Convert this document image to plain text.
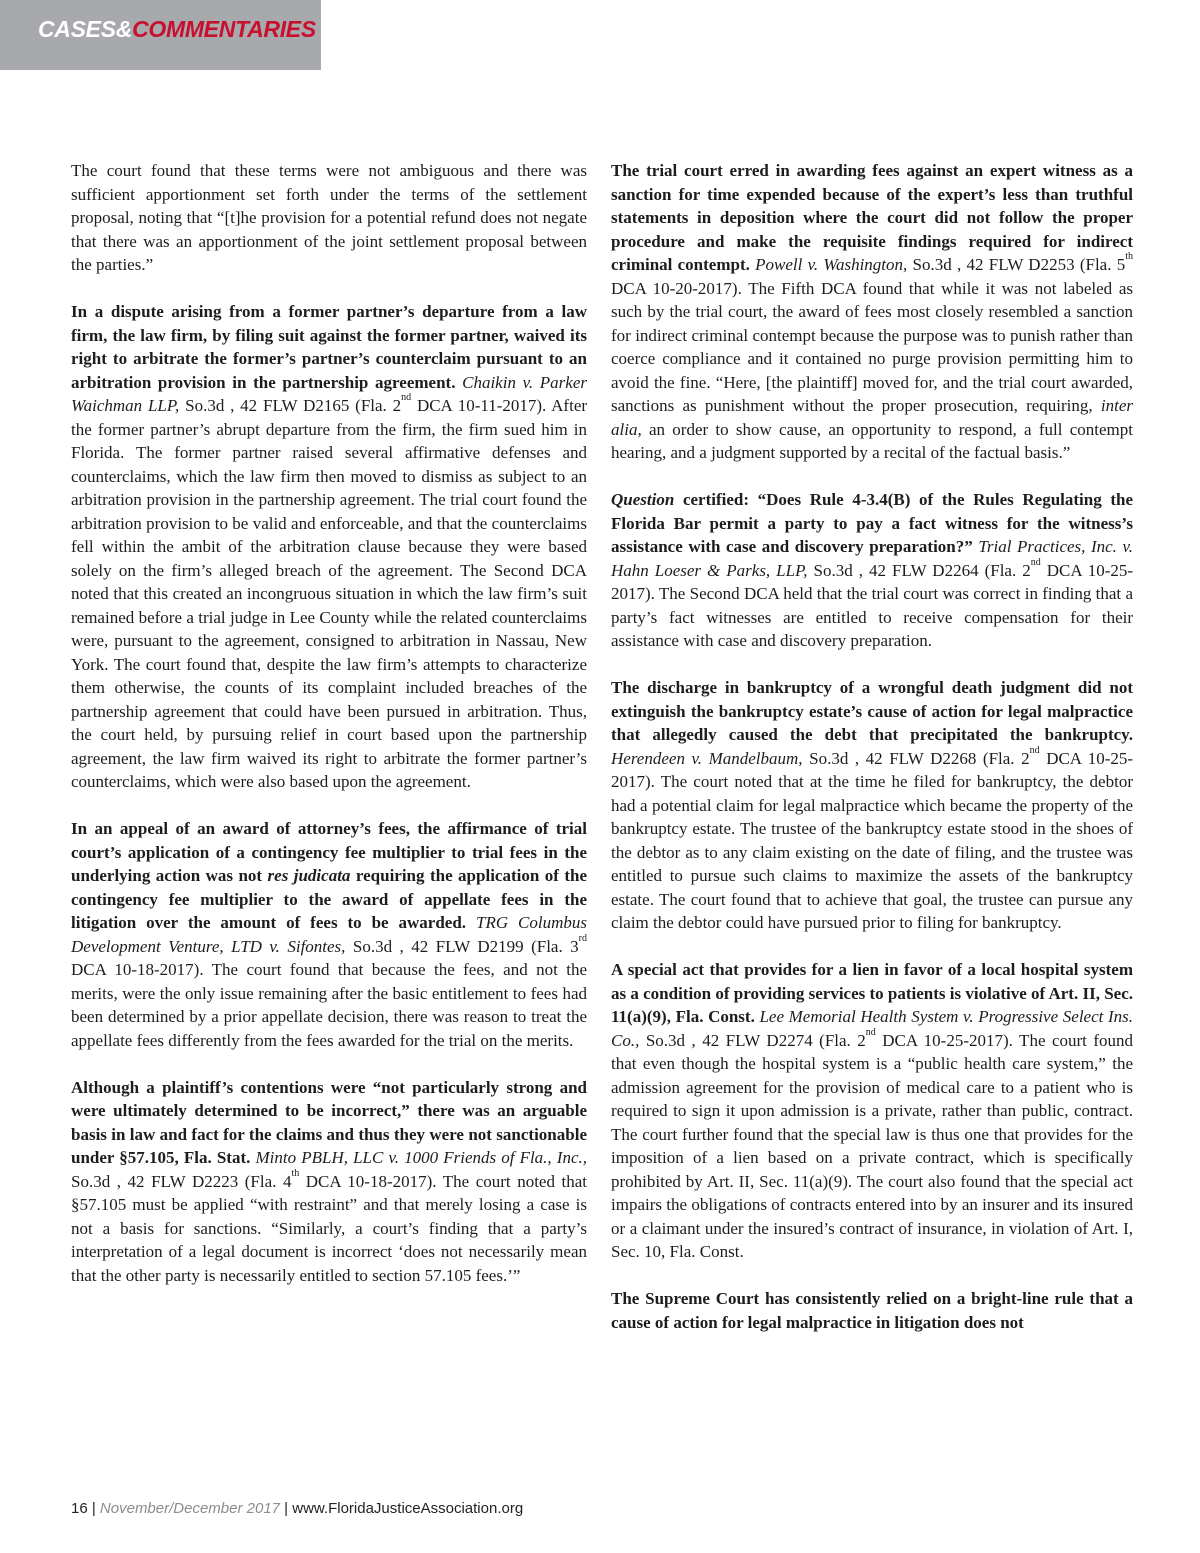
CASES&COMMENTARIES

The court found that these terms were not ambiguous and there was sufficient apportionment set forth under the terms of the settlement proposal, noting that “[t]he provision for a potential refund does not negate that there was an apportionment of the joint settlement proposal between the parties.”

In a dispute arising from a former partner’s departure from a law firm, the law firm, by filing suit against the former partner, waived its right to arbitrate the former’s partner’s counterclaim pursuant to an arbitration provision in the partnership agreement. Chaikin v. Parker Waichman LLP, So.3d , 42 FLW D2165 (Fla. 2nd DCA 10-11-2017). After the former partner’s abrupt departure from the firm, the firm sued him in Florida. The former partner raised several affirmative defenses and counterclaims, which the law firm then moved to dismiss as subject to an arbitration provision in the partnership agreement. The trial court found the arbitration provision to be valid and enforceable, and that the counterclaims fell within the ambit of the arbitration clause because they were based solely on the firm’s alleged breach of the agreement. The Second DCA noted that this created an incongruous situation in which the law firm’s suit remained before a trial judge in Lee County while the related counterclaims were, pursuant to the agreement, consigned to arbitration in Nassau, New York. The court found that, despite the law firm’s attempts to characterize them otherwise, the counts of its complaint included breaches of the partnership agreement that could have been pursued in arbitration. Thus, the court held, by pursuing relief in court based upon the partnership agreement, the law firm waived its right to arbitrate the former partner’s counterclaims, which were also based upon the agreement.

In an appeal of an award of attorney’s fees, the affirmance of trial court’s application of a contingency fee multiplier to trial fees in the underlying action was not res judicata requiring the application of the contingency fee multiplier to the award of appellate fees in the litigation over the amount of fees to be awarded. TRG Columbus Development Venture, LTD v. Sifontes, So.3d , 42 FLW D2199 (Fla. 3rd DCA 10-18-2017). The court found that because the fees, and not the merits, were the only issue remaining after the basic entitlement to fees had been determined by a prior appellate decision, there was reason to treat the appellate fees differently from the fees awarded for the trial on the merits.

Although a plaintiff’s contentions were “not particularly strong and were ultimately determined to be incorrect,” there was an arguable basis in law and fact for the claims and thus they were not sanctionable under §57.105, Fla. Stat. Minto PBLH, LLC v. 1000 Friends of Fla., Inc., So.3d , 42 FLW D2223 (Fla. 4th DCA 10-18-2017). The court noted that §57.105 must be applied “with restraint” and that merely losing a case is not a basis for sanctions. “Similarly, a court’s finding that a party’s interpretation of a legal document is incorrect ‘does not necessarily mean that the other party is necessarily entitled to section 57.105 fees.’”

The trial court erred in awarding fees against an expert witness as a sanction for time expended because of the expert’s less than truthful statements in deposition where the court did not follow the proper procedure and make the requisite findings required for indirect criminal contempt. Powell v. Washington, So.3d , 42 FLW D2253 (Fla. 5th DCA 10-20-2017). The Fifth DCA found that while it was not labeled as such by the trial court, the award of fees most closely resembled a sanction for indirect criminal contempt because the purpose was to punish rather than coerce compliance and it contained no purge provision permitting him to avoid the fine. “Here, [the plaintiff] moved for, and the trial court awarded, sanctions as punishment without the proper prosecution, requiring, inter alia, an order to show cause, an opportunity to respond, a full contempt hearing, and a judgment supported by a recital of the factual basis.”

Question certified: “Does Rule 4-3.4(B) of the Rules Regulating the Florida Bar permit a party to pay a fact witness for the witness’s assistance with case and discovery preparation?” Trial Practices, Inc. v. Hahn Loeser & Parks, LLP, So.3d , 42 FLW D2264 (Fla. 2nd DCA 10-25-2017). The Second DCA held that the trial court was correct in finding that a party’s fact witnesses are entitled to receive compensation for their assistance with case and discovery preparation.

The discharge in bankruptcy of a wrongful death judgment did not extinguish the bankruptcy estate’s cause of action for legal malpractice that allegedly caused the debt that precipitated the bankruptcy. Herendeen v. Mandelbaum, So.3d , 42 FLW D2268 (Fla. 2nd DCA 10-25-2017). The court noted that at the time he filed for bankruptcy, the debtor had a potential claim for legal malpractice which became the property of the bankruptcy estate. The trustee of the bankruptcy estate stood in the shoes of the debtor as to any claim existing on the date of filing, and the trustee was entitled to pursue such claims to maximize the assets of the bankruptcy estate. The court found that to achieve that goal, the trustee can pursue any claim the debtor could have pursued prior to filing for bankruptcy.

A special act that provides for a lien in favor of a local hospital system as a condition of providing services to patients is violative of Art. II, Sec. 11(a)(9), Fla. Const. Lee Memorial Health System v. Progressive Select Ins. Co., So.3d , 42 FLW D2274 (Fla. 2nd DCA 10-25-2017). The court found that even though the hospital system is a “public health care system,” the admission agreement for the provision of medical care to a patient who is required to sign it upon admission is a private, rather than public, contract. The court further found that the special law is thus one that provides for the imposition of a lien based on a private contract, which is specifically prohibited by Art. II, Sec. 11(a)(9). The court also found that the special act impairs the obligations of contracts entered into by an insurer and its insured or a claimant under the insured’s contract of insurance, in violation of Art. I, Sec. 10, Fla. Const.

The Supreme Court has consistently relied on a bright-line rule that a cause of action for legal malpractice in litigation does not

16 | November/December 2017 | www.FloridaJusticeAssociation.org
